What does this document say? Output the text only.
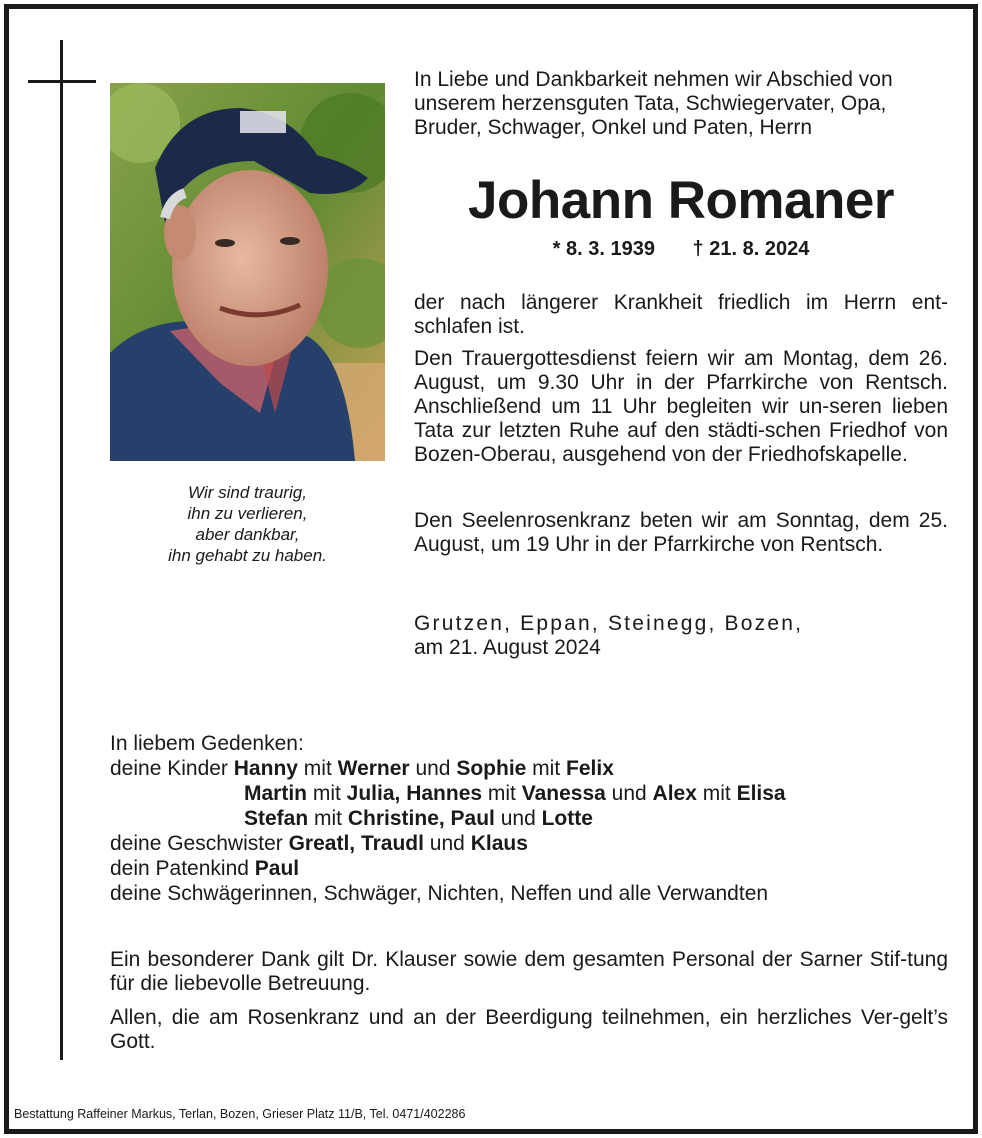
Wir sind traurig,
ihn zu verlieren,
aber dankbar,
ihn gehabt zu haben.
In Liebe und Dankbarkeit nehmen wir Abschied von
unserem herzensguten Tata, Schwiegervater, Opa,
Bruder, Schwager, Onkel und Paten, Herrn
Johann Romaner
* 8. 3. 1939 † 21. 8. 2024
der nach längerer Krankheit friedlich im Herrn ent-schlafen ist.
Den Trauergottesdienst feiern wir am Montag, dem 26. August, um 9.30 Uhr in der Pfarrkirche von Rentsch. Anschließend um 11 Uhr begleiten wir un-seren lieben Tata zur letzten Ruhe auf den städti-schen Friedhof von Bozen-Oberau, ausgehend von der Friedhofskapelle.
Den Seelenrosenkranz beten wir am Sonntag, dem 25. August, um 19 Uhr in der Pfarrkirche von Rentsch.
Grutzen, Eppan, Steinegg, Bozen,
am 21. August 2024
In liebem Gedenken:
deine Kinder Hanny mit Werner und Sophie mit Felix
Martin mit Julia, Hannes mit Vanessa und Alex mit Elisa
Stefan mit Christine, Paul und Lotte
deine Geschwister Greatl, Traudl und Klaus
dein Patenkind Paul
deine Schwägerinnen, Schwäger, Nichten, Neffen und alle Verwandten
Ein besonderer Dank gilt Dr. Klauser sowie dem gesamten Personal der Sarner Stif-tung für die liebevolle Betreuung.
Allen, die am Rosenkranz und an der Beerdigung teilnehmen, ein herzliches Ver-gelt’s Gott.
Bestattung Raffeiner Markus, Terlan, Bozen, Grieser Platz 11/B, Tel. 0471/402286
